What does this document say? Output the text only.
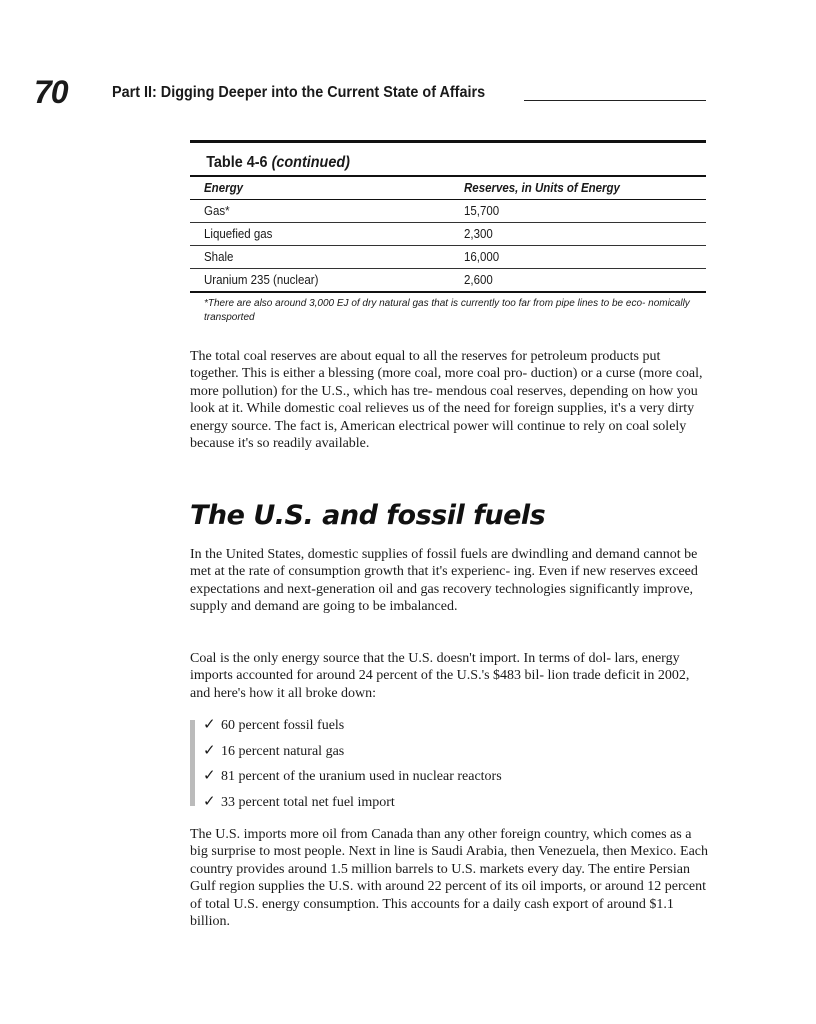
70	Part II: Digging Deeper into the Current State of Affairs
Table 4-6 (continued)
Energy	Reserves, in Units of Energy
Gas*	15,700
Liquefied gas	2,300
Shale	16,000
Uranium 235 (nuclear)	2,600
*There are also around 3,000 EJ of dry natural gas that is currently too far from pipe lines to be eco- nomically transported

The total coal reserves are about equal to all the reserves for petroleum products put together. This is either a blessing (more coal, more coal pro- duction) or a curse (more coal, more pollution) for the U.S., which has tre- mendous coal reserves, depending on how you look at it. While domestic coal relieves us of the need for foreign supplies, it's a very dirty energy source. The fact is, American electrical power will continue to rely on coal solely because it's so readily available.

The U.S. and fossil fuels

In the United States, domestic supplies of fossil fuels are dwindling and demand cannot be met at the rate of consumption growth that it's experienc- ing. Even if new reserves exceed expectations and next-generation oil and gas recovery technologies significantly improve, supply and demand are going to be imbalanced.

Coal is the only energy source that the U.S. doesn't import. In terms of dol- lars, energy imports accounted for around 24 percent of the U.S.'s $483 bil- lion trade deficit in 2002, and here's how it all broke down:

✓ 60 percent fossil fuels
✓ 16 percent natural gas
✓ 81 percent of the uranium used in nuclear reactors
✓ 33 percent total net fuel import

The U.S. imports more oil from Canada than any other foreign country, which comes as a big surprise to most people. Next in line is Saudi Arabia, then Venezuela, then Mexico. Each country provides around 1.5 million barrels to U.S. markets every day. The entire Persian Gulf region supplies the U.S. with around 22 percent of its oil imports, or around 12 percent of total U.S. energy consumption. This accounts for a daily cash export of around $1.1 billion.
